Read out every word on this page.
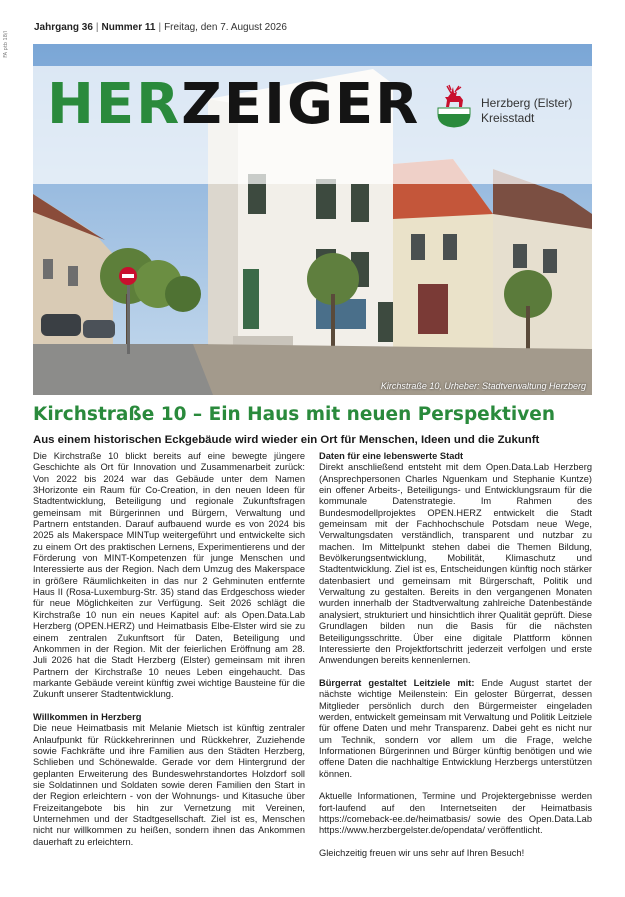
FA ptb 18/l
Jahrgang 36 | Nummer 11 | Freitag, den 7. August 2026
HERZEIGER	Herzberg (Elster)
Kreisstadt
Kirchstraße 10, Urheber: Stadtverwaltung Herzberg
Kirchstraße 10 – Ein Haus mit neuen Perspektiven
Aus einem historischen Eckgebäude wird wieder ein Ort für Menschen, Ideen und die Zukunft

Die Kirchstraße 10 blickt bereits auf eine bewegte jüngere Geschichte als Ort für Innovation und Zusammenarbeit zurück: Von 2022 bis 2024 war das Gebäude unter dem Namen 3Horizonte ein Raum für Co-Creation, in den neuen Ideen für Stadtentwicklung, Beteiligung und regionale Zukunftsfragen gemeinsam mit Bürgerinnen und Bürgern, Verwaltung und Partnern entstanden. Darauf aufbauend wurde es von 2024 bis 2025 als Makerspace MINTup weitergeführt und entwickelte sich zu einem Ort des praktischen Lernens, Experimentierens und der Förderung von MINT-Kompetenzen für junge Menschen und Interessierte aus der Region. Nach dem Umzug des Makerspace in größere Räumlichkeiten in das nur 2 Gehminuten entfernte Haus II (Rosa-Luxemburg-Str. 35) stand das Erdgeschoss wieder für neue Möglichkeiten zur Verfügung. Seit 2026 schlägt die Kirchstraße 10 nun ein neues Kapitel auf: als Open.Data.Lab Herzberg (OPEN.HERZ) und Heimatbasis Elbe-Elster wird sie zu einem zentralen Zukunftsort für Daten, Beteiligung und Ankommen in der Region. Mit der feierlichen Eröffnung am 28. Juli 2026 hat die Stadt Herzberg (Elster) gemeinsam mit ihren Partnern der Kirchstraße 10 neues Leben eingehaucht. Das markante Gebäude vereint künftig zwei wichtige Bausteine für die Zukunft unserer Stadtentwicklung.

Willkommen in Herzberg

Die neue Heimatbasis mit Melanie Mietsch ist künftig zentraler Anlaufpunkt für Rückkehrerinnen und Rückkehrer, Zuziehende sowie Fachkräfte und ihre Familien aus den Städten Herzberg, Schlieben und Schönewalde. Gerade vor dem Hintergrund der geplanten Erweiterung des Bundeswehrstandortes Holzdorf soll sie Soldatinnen und Soldaten sowie deren Familien den Start in der Region erleichtern - von der Wohnungs- und Kitasuche über Freizeitangebote bis hin zur Vernetzung mit Vereinen, Unternehmen und der Stadtgesellschaft. Ziel ist es, Menschen nicht nur willkommen zu heißen, sondern ihnen das Ankommen dauerhaft zu erleichtern.

Daten für eine lebenswerte Stadt

Direkt anschließend entsteht mit dem Open.Data.Lab Herzberg (Ansprechpersonen Charles Nguenkam und Stephanie Kuntze) ein offener Arbeits-, Beteiligungs- und Entwicklungsraum für die kommunale Datenstrategie. Im Rahmen des Bundesmodellprojektes OPEN.HERZ entwickelt die Stadt gemeinsam mit der Fachhochschule Potsdam neue Wege, Verwaltungsdaten verständlich, transparent und nutzbar zu machen. Im Mittelpunkt stehen dabei die Themen Bildung, Bevölkerungsentwicklung, Mobilität, Klimaschutz und Stadtentwicklung. Ziel ist es, Entscheidungen künftig noch stärker datenbasiert und gemeinsam mit Bürgerschaft, Politik und Verwaltung zu gestalten. Bereits in den vergangenen Monaten wurden innerhalb der Stadtverwaltung zahlreiche Datenbestände analysiert, strukturiert und hinsichtlich ihrer Qualität geprüft. Diese Grundlagen bilden nun die Basis für die nächsten Beteiligungsschritte. Über eine digitale Plattform können Interessierte den Projektfortschritt jederzeit verfolgen und erste Anwendungen bereits kennenlernen.

Bürgerrat gestaltet Leitziele mit: Ende August startet der nächste wichtige Meilenstein: Ein geloster Bürgerrat, dessen Mitglieder persönlich durch den Bürgermeister eingeladen werden, entwickelt gemeinsam mit Verwaltung und Politik Leitziele für offene Daten und mehr Transparenz. Dabei geht es nicht nur um Technik, sondern vor allem um die Frage, welche Informationen Bürgerinnen und Bürger künftig benötigen und wie offene Daten die nachhaltige Entwicklung Herzbergs unterstützen können.

Aktuelle Informationen, Termine und Projektergebnisse werden fort-laufend auf den Internetseiten der Heimatbasis https://comeback-ee.de/heimatbasis/ sowie des Open.Data.Lab https://www.herzbergelster.de/opendata/ veröffentlicht.

Gleichzeitig freuen wir uns sehr auf Ihren Besuch!
